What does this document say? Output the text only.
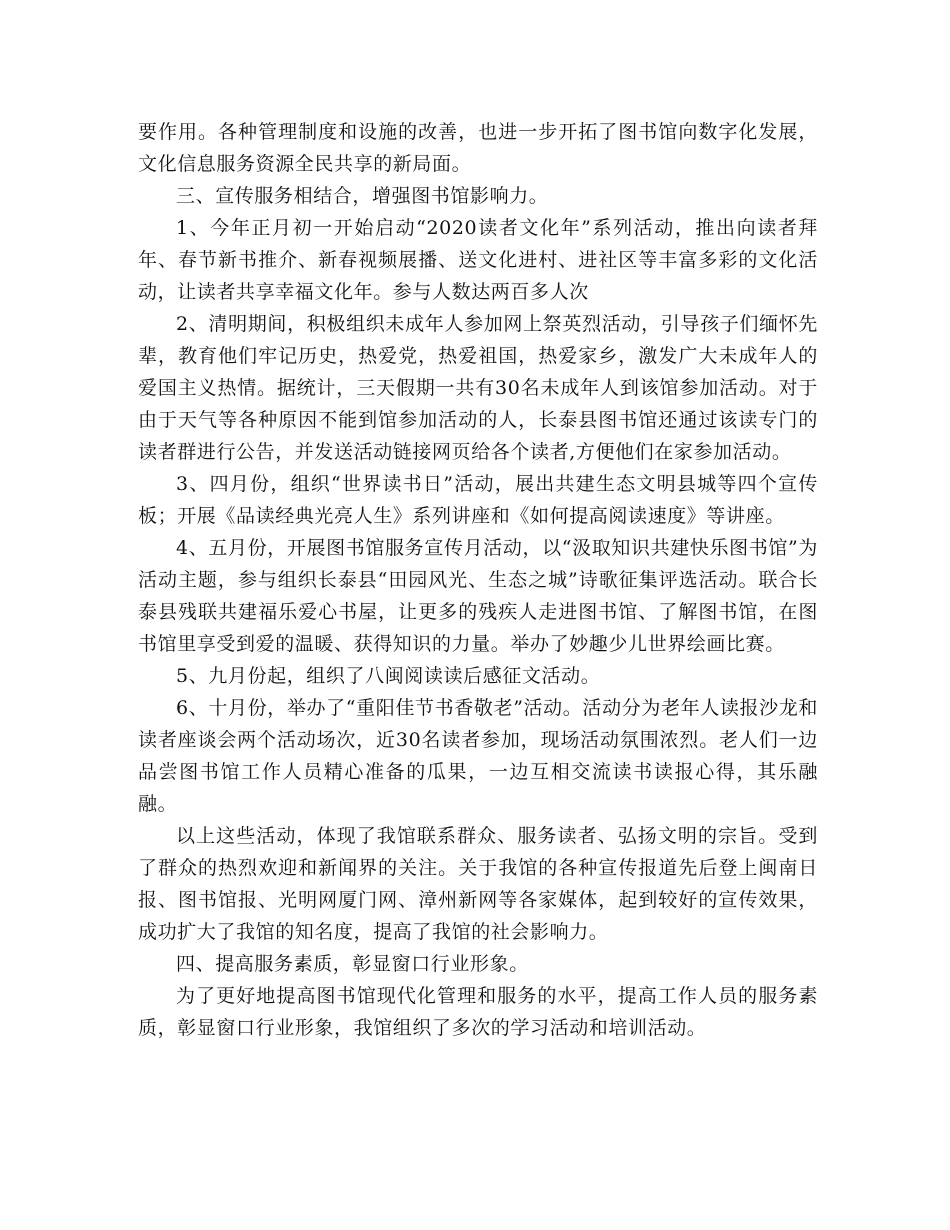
要作用。各种管理制度和设施的改善，也进一步开拓了图书馆向数字化发展，文化信息服务资源全民共享的新局面。

三、宣传服务相结合，增强图书馆影响力。

1、今年正月初一开始启动“2020读者文化年”系列活动，推出向读者拜年、春节新书推介、新春视频展播、送文化进村、进社区等丰富多彩的文化活动，让读者共享幸福文化年。参与人数达两百多人次

2、清明期间，积极组织未成年人参加网上祭英烈活动，引导孩子们缅怀先辈，教育他们牢记历史，热爱党，热爱祖国，热爱家乡，激发广大未成年人的爱国主义热情。据统计，三天假期一共有30名未成年人到该馆参加活动。对于由于天气等各种原因不能到馆参加活动的人，长泰县图书馆还通过该读专门的读者群进行公告，并发送活动链接网页给各个读者,方便他们在家参加活动。

3、四月份，组织“世界读书日”活动，展出共建生态文明县城等四个宣传板；开展《品读经典光亮人生》系列讲座和《如何提高阅读速度》等讲座。

4、五月份，开展图书馆服务宣传月活动，以“汲取知识共建快乐图书馆”为活动主题，参与组织长泰县“田园风光、生态之城”诗歌征集评选活动。联合长泰县残联共建福乐爱心书屋，让更多的残疾人走进图书馆、了解图书馆，在图书馆里享受到爱的温暖、获得知识的力量。举办了妙趣少儿世界绘画比赛。

5、九月份起，组织了八闽阅读读后感征文活动。

6、十月份，举办了“重阳佳节书香敬老”活动。活动分为老年人读报沙龙和读者座谈会两个活动场次，近30名读者参加，现场活动氛围浓烈。老人们一边品尝图书馆工作人员精心准备的瓜果，一边互相交流读书读报心得，其乐融融。

以上这些活动，体现了我馆联系群众、服务读者、弘扬文明的宗旨。受到了群众的热烈欢迎和新闻界的关注。关于我馆的各种宣传报道先后登上闽南日报、图书馆报、光明网厦门网、漳州新网等各家媒体，起到较好的宣传效果，成功扩大了我馆的知名度，提高了我馆的社会影响力。

四、提高服务素质，彰显窗口行业形象。

为了更好地提高图书馆现代化管理和服务的水平，提高工作人员的服务素质，彰显窗口行业形象，我馆组织了多次的学习活动和培训活动。
